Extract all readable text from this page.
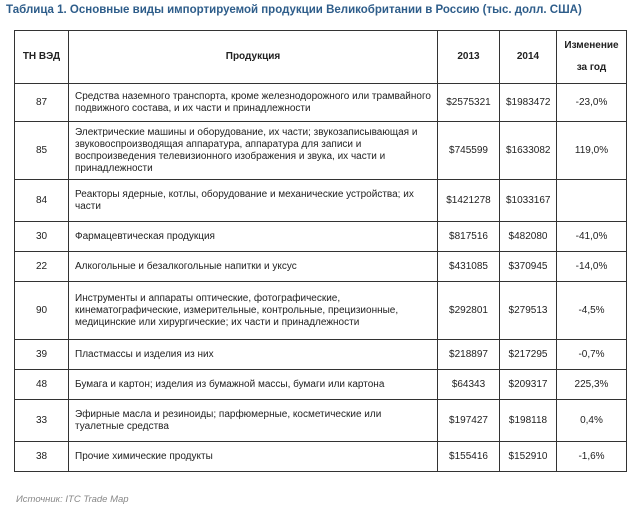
Таблица 1. Основные виды импортируемой продукции Великобритании в Россию (тыс. долл. США)
ТН ВЭД	Продукция	2013	2014	Изменение за год
87	Средства наземного транспорта, кроме железнодорожного или трамвайного подвижного состава, и их части и принадлежности	$2575321	$1983472	-23,0%
85	Электрические машины и оборудование, их части; звукозаписывающая и звуковоспроизводящая аппаратура, аппаратура для записи и воспроизведения телевизионного изображения и звука, их части и принадлежности	$745599	$1633082	119,0%
84	Реакторы ядерные, котлы, оборудование и механические устройства; их части	$1421278	$1033167	
30	Фармацевтическая продукция	$817516	$482080	-41,0%
22	Алкогольные и безалкогольные напитки и уксус	$431085	$370945	-14,0%
90	Инструменты и аппараты оптические, фотографические, кинематографические, измерительные, контрольные, прецизионные, медицинские или хирургические; их части и принадлежности	$292801	$279513	-4,5%
39	Пластмассы и изделия из них	$218897	$217295	-0,7%
48	Бумага и картон; изделия из бумажной массы, бумаги или картона	$64343	$209317	225,3%
33	Эфирные масла и резиноиды; парфюмерные, косметические или туалетные средства	$197427	$198118	0,4%
38	Прочие химические продукты	$155416	$152910	-1,6%
Источник: ITC Trade Map
